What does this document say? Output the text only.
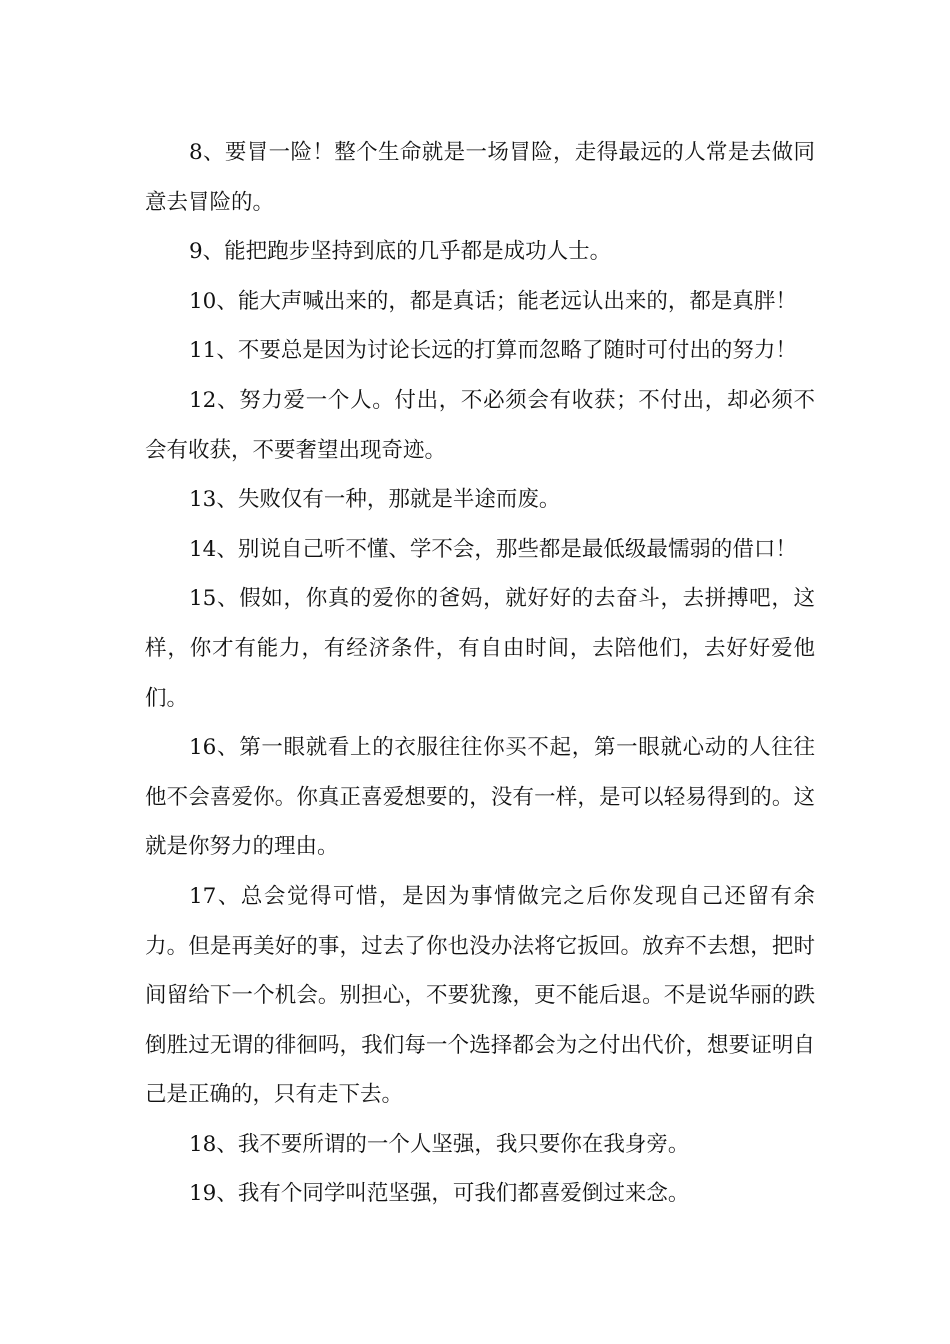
8、要冒一险！整个生命就是一场冒险，走得最远的人常是去做同意去冒险的。

9、能把跑步坚持到底的几乎都是成功人士。

10、能大声喊出来的，都是真话；能老远认出来的，都是真胖！

11、不要总是因为讨论长远的打算而忽略了随时可付出的努力！

12、努力爱一个人。付出，不必须会有收获；不付出，却必须不会有收获，不要奢望出现奇迹。

13、失败仅有一种，那就是半途而废。

14、别说自己听不懂、学不会，那些都是最低级最懦弱的借口！

15、假如，你真的爱你的爸妈，就好好的去奋斗，去拼搏吧，这样，你才有能力，有经济条件，有自由时间，去陪他们，去好好爱他们。

16、第一眼就看上的衣服往往你买不起，第一眼就心动的人往往他不会喜爱你。你真正喜爱想要的，没有一样，是可以轻易得到的。这就是你努力的理由。

17、总会觉得可惜，是因为事情做完之后你发现自己还留有余力。但是再美好的事，过去了你也没办法将它扳回。放弃不去想，把时间留给下一个机会。别担心，不要犹豫，更不能后退。不是说华丽的跌倒胜过无谓的徘徊吗，我们每一个选择都会为之付出代价，想要证明自己是正确的，只有走下去。

18、我不要所谓的一个人坚强，我只要你在我身旁。

19、我有个同学叫范坚强，可我们都喜爱倒过来念。
